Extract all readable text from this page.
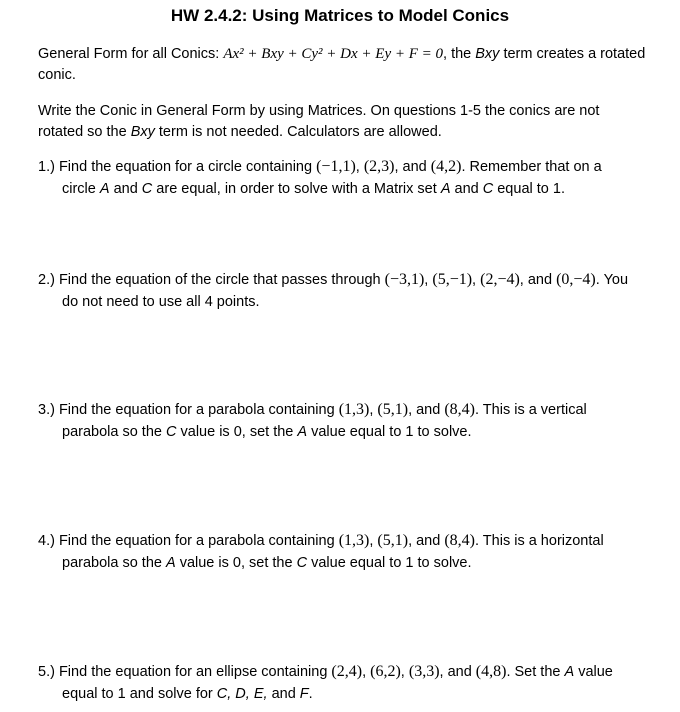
HW 2.4.2: Using Matrices to Model Conics
General Form for all Conics: Ax² + Bxy + Cy² + Dx + Ey + F = 0, the Bxy term creates a rotated
conic.
Write the Conic in General Form by using Matrices. On questions 1-5 the conics are not
rotated so the Bxy term is not needed. Calculators are allowed.
1.) Find the equation for a circle containing (−1,1), (2,3), and (4,2). Remember that on a
circle A and C are equal, in order to solve with a Matrix set A and C equal to 1.
2.) Find the equation of the circle that passes through (−3,1), (5,−1), (2,−4), and (0,−4). You
do not need to use all 4 points.
3.) Find the equation for a parabola containing (1,3), (5,1), and (8,4). This is a vertical
parabola so the C value is 0, set the A value equal to 1 to solve.
4.) Find the equation for a parabola containing (1,3), (5,1), and (8,4). This is a horizontal
parabola so the A value is 0, set the C value equal to 1 to solve.
5.) Find the equation for an ellipse containing (2,4), (6,2), (3,3), and (4,8). Set the A value
equal to 1 and solve for C, D, E, and F.
